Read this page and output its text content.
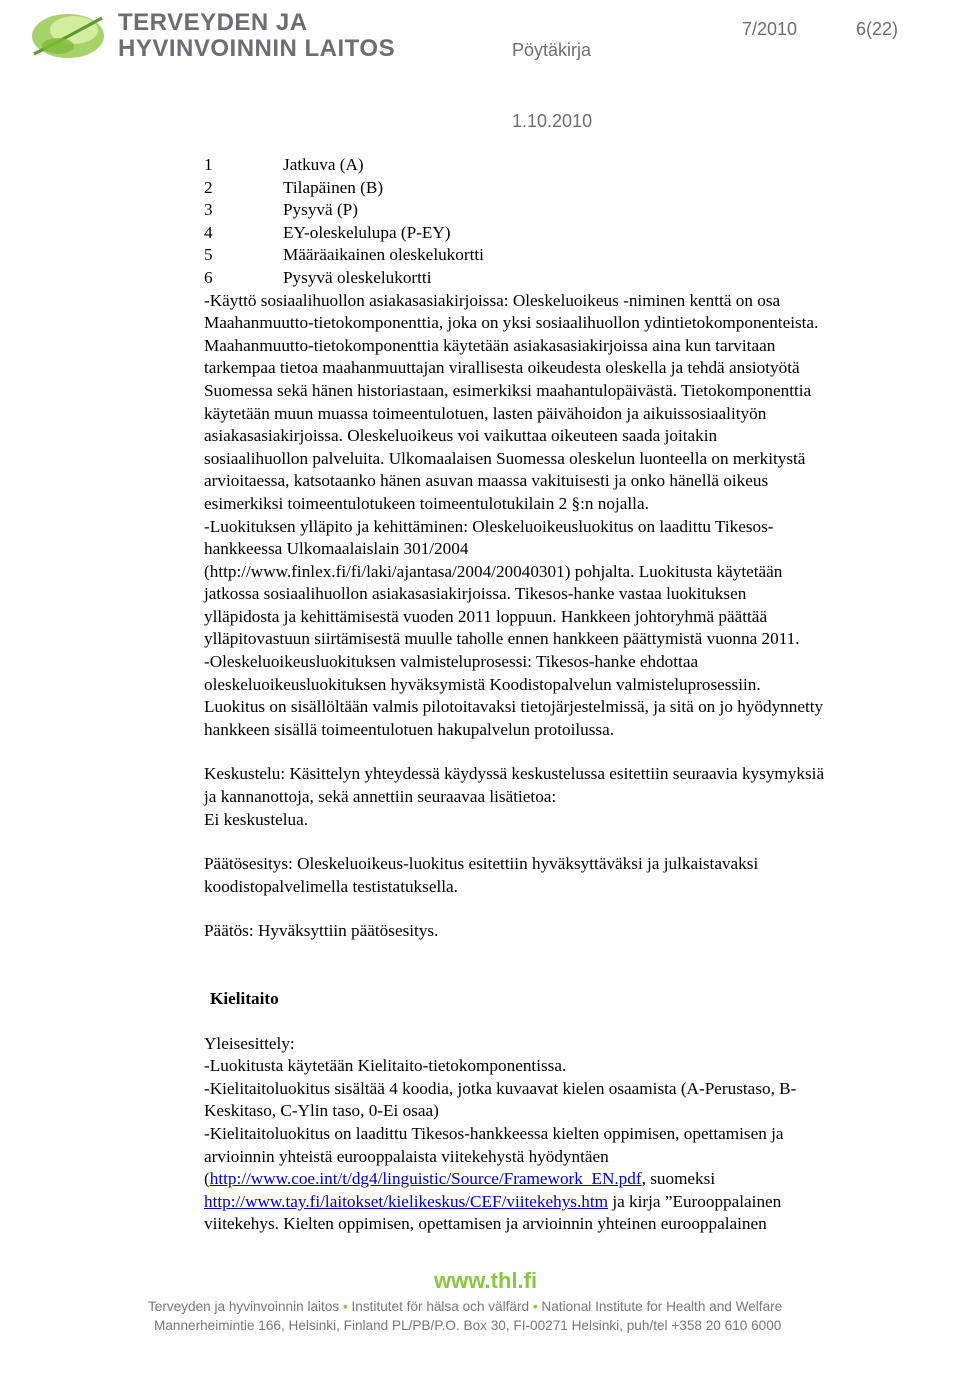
TERVEYDEN JA
HYVINVOINNIN LAITOS	Pöytäkirja
7/2010	6(22)
1.10.2010
1	Jatkuva (A)
2	Tilapäinen (B)
3	Pysyvä (P)
4	EY-oleskelulupa (P-EY)
5	Määräaikainen oleskelukortti
6	Pysyvä oleskelukortti
-Käyttö sosiaalihuollon asiakasasiakirjoissa: Oleskeluoikeus -niminen kenttä on osa
Maahanmuutto-tietokomponenttia, joka on yksi sosiaalihuollon ydintietokomponenteista.
Maahanmuutto-tietokomponenttia käytetään asiakasasiakirjoissa aina kun tarvitaan
tarkempaa tietoa maahanmuuttajan virallisesta oikeudesta oleskella ja tehdä ansiotyötä
Suomessa sekä hänen historiastaan, esimerkiksi maahantulopäivästä. Tietokomponenttia
käytetään muun muassa toimeentulotuen, lasten päivähoidon ja aikuissosiaalityön
asiakasasiakirjoissa. Oleskeluoikeus voi vaikuttaa oikeuteen saada joitakin
sosiaalihuollon palveluita. Ulkomaalaisen Suomessa oleskelun luonteella on merkitystä
arvioitaessa, katsotaanko hänen asuvan maassa vakituisesti ja onko hänellä oikeus
esimerkiksi toimeentulotukeen toimeentulotukilain 2 §:n nojalla.
-Luokituksen ylläpito ja kehittäminen: Oleskeluoikeusluokitus on laadittu Tikesos-
hankkeessa Ulkomaalaislain 301/2004
(http://www.finlex.fi/fi/laki/ajantasa/2004/20040301) pohjalta. Luokitusta käytetään
jatkossa sosiaalihuollon asiakasasiakirjoissa. Tikesos-hanke vastaa luokituksen
ylläpidosta ja kehittämisestä vuoden 2011 loppuun. Hankkeen johtoryhmä päättää
ylläpitovastuun siirtämisestä muulle taholle ennen hankkeen päättymistä vuonna 2011.
-Oleskeluoikeusluokituksen valmisteluprosessi: Tikesos-hanke ehdottaa
oleskeluoikeusluokituksen hyväksymistä Koodistopalvelun valmisteluprosessiin.
Luokitus on sisällöltään valmis pilotoitavaksi tietojärjestelmissä, ja sitä on jo hyödynnetty
hankkeen sisällä toimeentulotuen hakupalvelun protoilussa.
Keskustelu: Käsittelyn yhteydessä käydyssä keskustelussa esitettiin seuraavia kysymyksiä
ja kannanottoja, sekä annettiin seuraavaa lisätietoa:
Ei keskustelua.
Päätösesitys: Oleskeluoikeus-luokitus esitettiin hyväksyttäväksi ja julkaistavaksi
koodistopalvelimella testistatuksella.
Päätös: Hyväksyttiin päätösesitys.
Kielitaito
Yleisesittely:
-Luokitusta käytetään Kielitaito-tietokomponentissa.
-Kielitaitoluokitus sisältää 4 koodia, jotka kuvaavat kielen osaamista (A-Perustaso, B-
Keskitaso, C-Ylin taso, 0-Ei osaa)
-Kielitaitoluokitus on laadittu Tikesos-hankkeessa kielten oppimisen, opettamisen ja
arvioinnin yhteistä eurooppalaista viitekehystä hyödyntäen
(http://www.coe.int/t/dg4/linguistic/Source/Framework_EN.pdf, suomeksi
http://www.tay.fi/laitokset/kielikeskus/CEF/viitekehys.htm ja kirja ”Eurooppalainen
viitekehys. Kielten oppimisen, opettamisen ja arvioinnin yhteinen eurooppalainen
www.thl.fi
Terveyden ja hyvinvoinnin laitos • Institutet för hälsa och välfärd • National Institute for Health and Welfare
Mannerheimintie 166, Helsinki, Finland PL/PB/P.O. Box 30, FI-00271 Helsinki, puh/tel +358 20 610 6000
